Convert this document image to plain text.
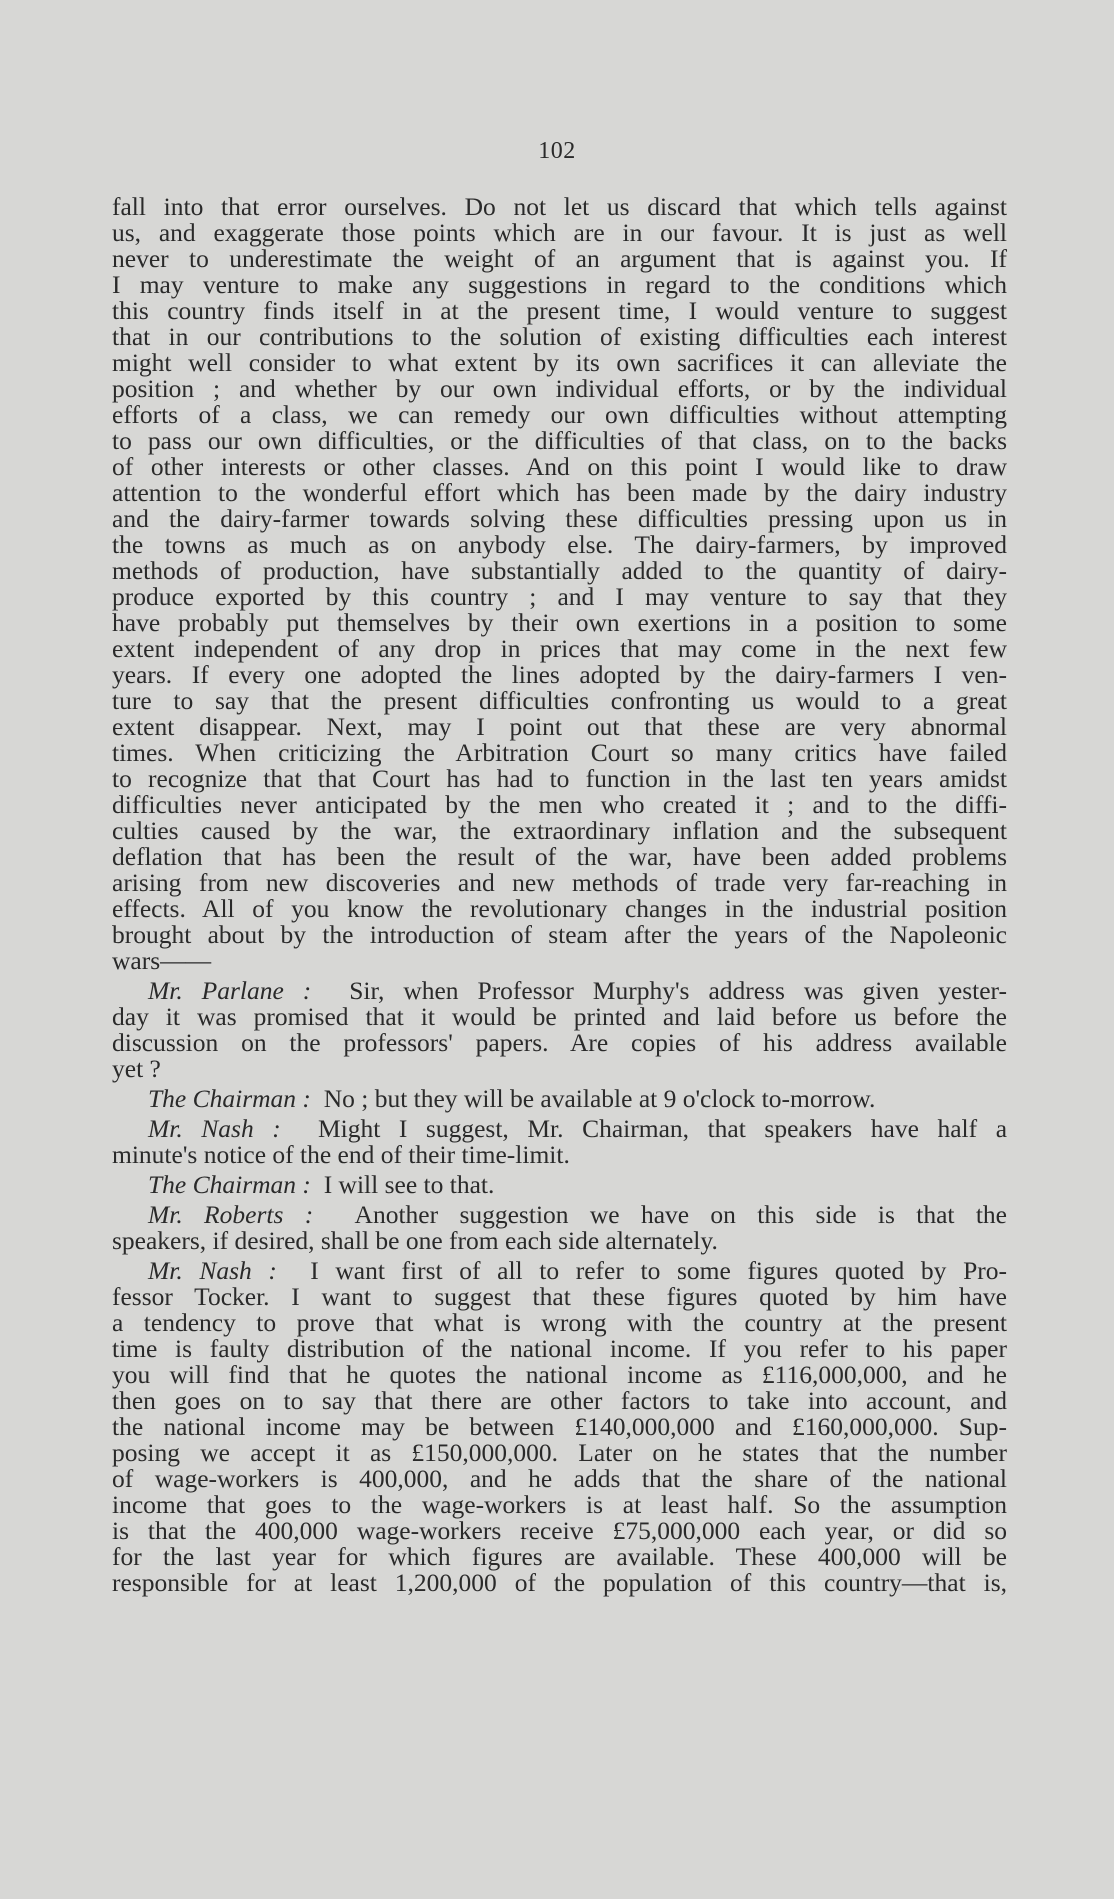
102
fall into that error ourselves. Do not let us discard that which tells against
us, and exaggerate those points which are in our favour. It is just as well
never to underestimate the weight of an argument that is against you. If
I may venture to make any suggestions in regard to the conditions which
this country finds itself in at the present time, I would venture to suggest
that in our contributions to the solution of existing difficulties each interest
might well consider to what extent by its own sacrifices it can alleviate the
position ; and whether by our own individual efforts, or by the individual
efforts of a class, we can remedy our own difficulties without attempting
to pass our own difficulties, or the difficulties of that class, on to the backs
of other interests or other classes. And on this point I would like to draw
attention to the wonderful effort which has been made by the dairy industry
and the dairy-farmer towards solving these difficulties pressing upon us in
the towns as much as on anybody else. The dairy-farmers, by improved
methods of production, have substantially added to the quantity of dairy-
produce exported by this country ; and I may venture to say that they
have probably put themselves by their own exertions in a position to some
extent independent of any drop in prices that may come in the next few
years. If every one adopted the lines adopted by the dairy-farmers I ven-
ture to say that the present difficulties confronting us would to a great
extent disappear. Next, may I point out that these are very abnormal
times. When criticizing the Arbitration Court so many critics have failed
to recognize that that Court has had to function in the last ten years amidst
difficulties never anticipated by the men who created it ; and to the diffi-
culties caused by the war, the extraordinary inflation and the subsequent
deflation that has been the result of the war, have been added problems
arising from new discoveries and new methods of trade very far-reaching in
effects. All of you know the revolutionary changes in the industrial position
brought about by the introduction of steam after the years of the Napoleonic
wars——
Mr. Parlane : Sir, when Professor Murphy's address was given yester-
day it was promised that it would be printed and laid before us before the
discussion on the professors' papers. Are copies of his address available
yet ?
The Chairman : No ; but they will be available at 9 o'clock to-morrow.
Mr. Nash : Might I suggest, Mr. Chairman, that speakers have half a
minute's notice of the end of their time-limit.
The Chairman : I will see to that.
Mr. Roberts : Another suggestion we have on this side is that the
speakers, if desired, shall be one from each side alternately.
Mr. Nash : I want first of all to refer to some figures quoted by Pro-
fessor Tocker. I want to suggest that these figures quoted by him have
a tendency to prove that what is wrong with the country at the present
time is faulty distribution of the national income. If you refer to his paper
you will find that he quotes the national income as £116,000,000, and he
then goes on to say that there are other factors to take into account, and
the national income may be between £140,000,000 and £160,000,000. Sup-
posing we accept it as £150,000,000. Later on he states that the number
of wage-workers is 400,000, and he adds that the share of the national
income that goes to the wage-workers is at least half. So the assumption
is that the 400,000 wage-workers receive £75,000,000 each year, or did so
for the last year for which figures are available. These 400,000 will be
responsible for at least 1,200,000 of the population of this country—that is,
